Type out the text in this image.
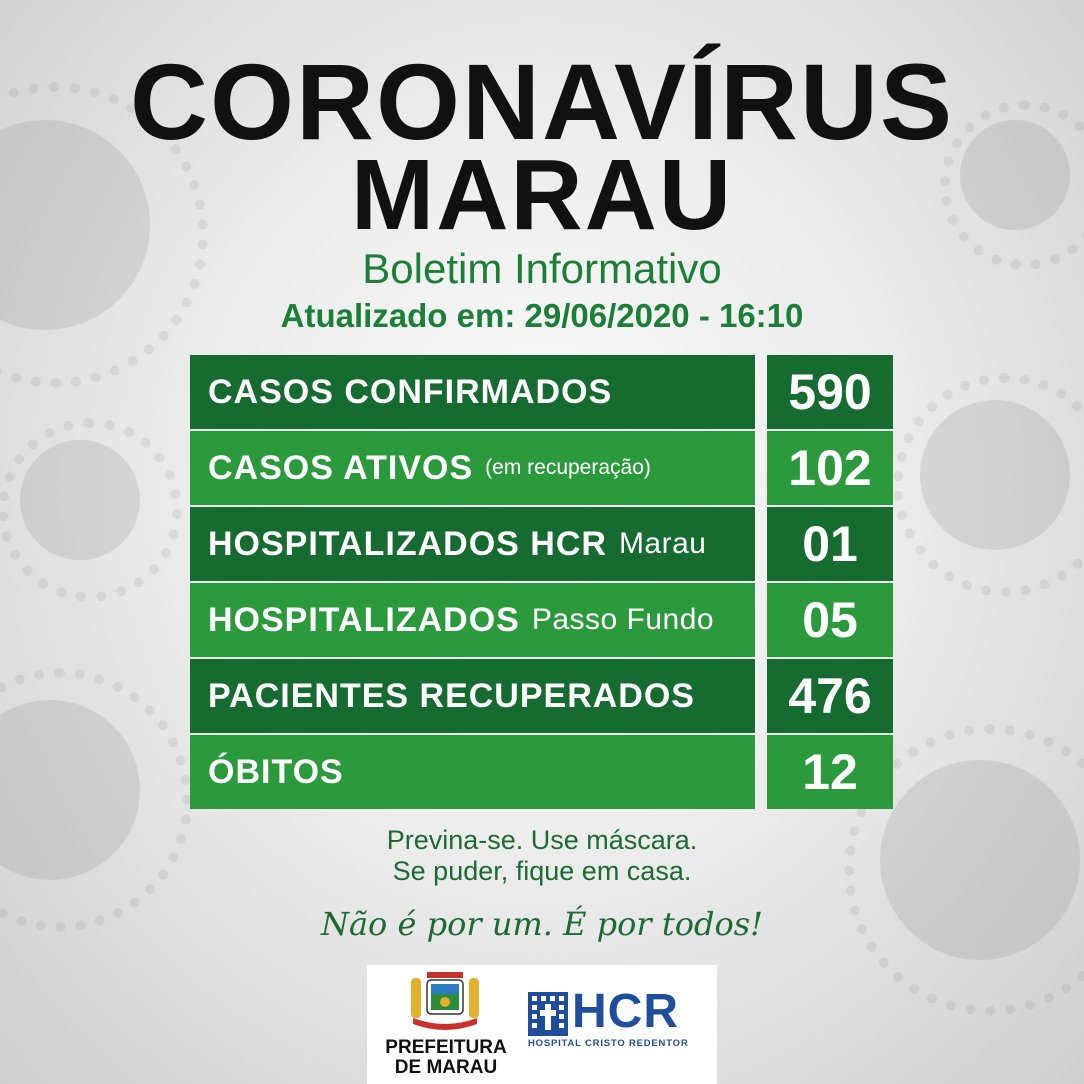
CORONAVÍRUS
MARAU
Boletim Informativo
Atualizado em: 29/06/2020 - 16:10
CASOS CONFIRMADOS	590
CASOS ATIVOS (em recuperação)	102
HOSPITALIZADOS HCR Marau	01
HOSPITALIZADOS Passo Fundo	05
PACIENTES RECUPERADOS	476
ÓBITOS	12
Previna-se. Use máscara.
Se puder, fique em casa.
Não é por um. É por todos!
PREFEITURA
DE MARAU
HCR
HOSPITAL CRISTO REDENTOR
